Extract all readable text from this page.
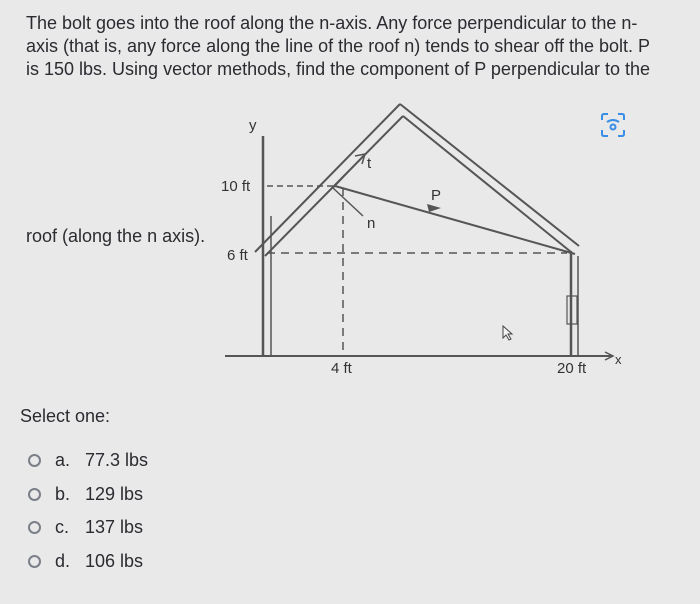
The bolt goes into the roof along the n-axis. Any force perpendicular to the n-
axis (that is, any force along the line of the roof n) tends to shear off the bolt. P
is 150 lbs. Using vector methods, find the component of P perpendicular to the
y
t
n
P
10 ft
6 ft
4 ft	20 ft
x
roof (along the n axis).
Select one:
a. 77.3 lbs
b. 129 lbs
c. 137 lbs
d. 106 lbs
